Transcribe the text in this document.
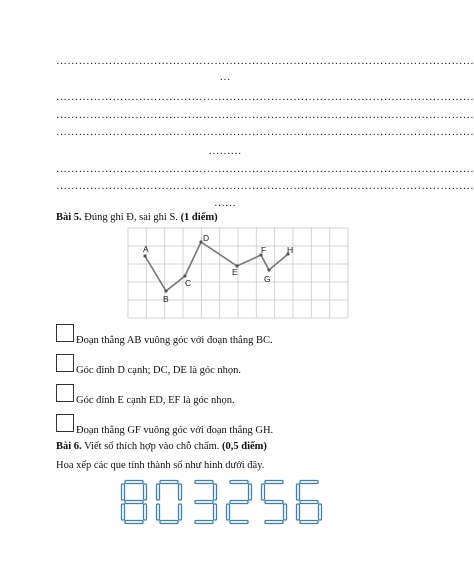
…………………………………………………………………………………………………
…
…………………………………………………………………………………………………
…………………………………………………………………………………………………
…………………………………………………………………………………………………
………
…………………………………………………………………………………………………
…………………………………………………………………………………………………
……
Bài 5. Đúng ghi Đ, sai ghi S. (1 điểm)
A
B
C
D
E
F
G
H
Đoạn thẳng AB vuông góc với đoạn thẳng BC.
Góc đỉnh D cạnh; DC, DE là góc nhọn.
Góc đỉnh E cạnh ED, EF là góc nhọn.
Đoạn thẳng GF vuông góc với đoạn thẳng GH.
Bài 6. Viết số thích hợp vào chỗ chấm. (0,5 điểm)
Hoa xếp các que tính thành số như hình dưới đây.
